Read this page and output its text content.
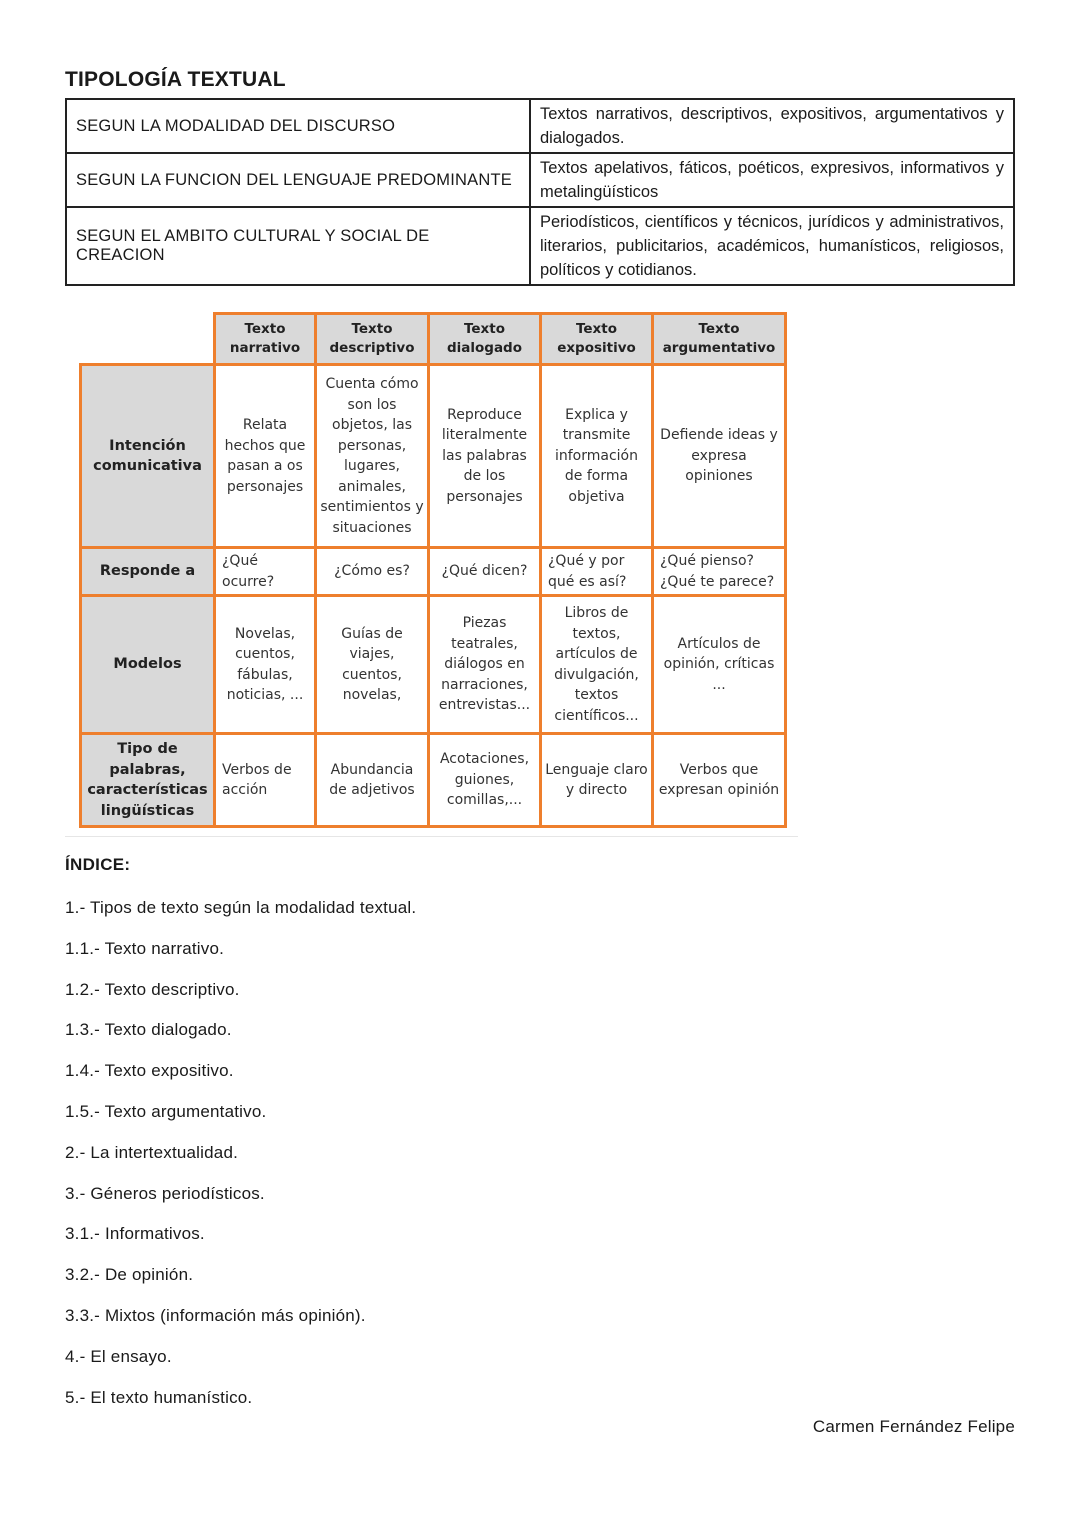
TIPOLOGÍA TEXTUAL
SEGUN LA MODALIDAD DEL DISCURSO	Textos narrativos, descriptivos, expositivos, argumentativos y dialogados.
SEGUN LA FUNCION DEL LENGUAJE PREDOMINANTE	Textos apelativos, fáticos, poéticos, expresivos, informativos y metalingüísticos
SEGUN EL AMBITO CULTURAL Y SOCIAL DE CREACION	Periodísticos, científicos y técnicos, jurídicos y administrativos, literarios, publicitarios, académicos, humanísticos, religiosos, políticos y cotidianos.
	Texto narrativo	Texto descriptivo	Texto dialogado	Texto expositivo	Texto argumentativo
Intención comunicativa	Relata hechos que pasan a os personajes	Cuenta cómo son los objetos, las personas, lugares, animales, sentimientos y situaciones	Reproduce literalmente las palabras de los personajes	Explica y transmite información de forma objetiva	Defiende ideas y expresa opiniones
Responde a	¿Qué ocurre?	¿Cómo es?	¿Qué dicen?	¿Qué y por qué es así?	¿Qué pienso? ¿Qué te parece?
Modelos	Novelas, cuentos, fábulas, noticias, ...	Guías de viajes, cuentos, novelas,	Piezas teatrales, diálogos en narraciones, entrevistas...	Libros de textos, artículos de divulgación, textos científicos...	Artículos de opinión, críticas ...
Tipo de palabras, características lingüísticas	Verbos de acción	Abundancia de adjetivos	Acotaciones, guiones, comillas,...	Lenguaje claro y directo	Verbos que expresan opinión
ÍNDICE:
1.- Tipos de texto según la modalidad textual.
1.1.- Texto narrativo.
1.2.- Texto descriptivo.
1.3.- Texto dialogado.
1.4.- Texto expositivo.
1.5.- Texto argumentativo.
2.- La intertextualidad.
3.- Géneros periodísticos.
3.1.- Informativos.
3.2.- De opinión.
3.3.- Mixtos (información más opinión).
4.- El ensayo.
5.- El texto humanístico.
Carmen Fernández Felipe
